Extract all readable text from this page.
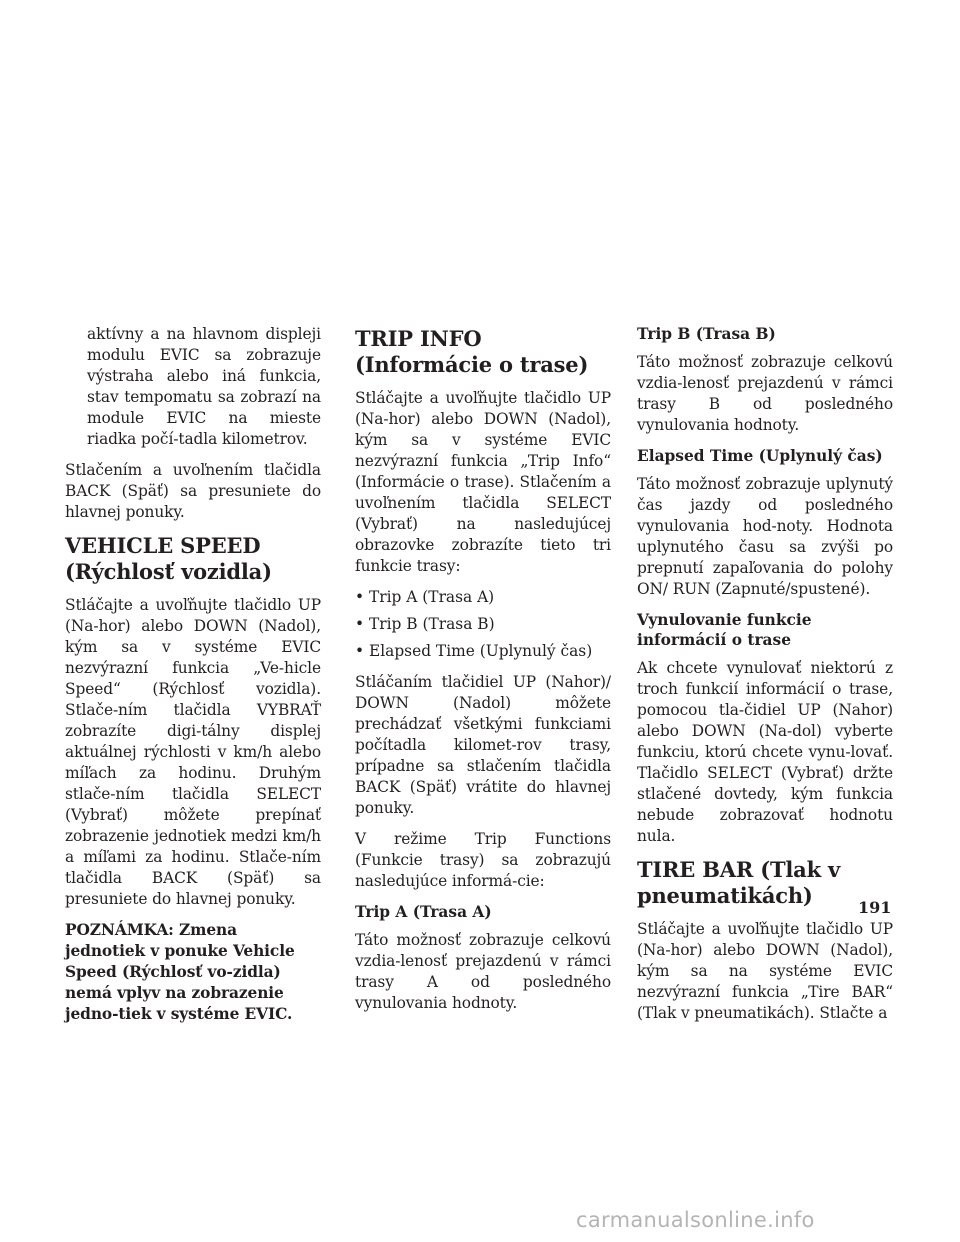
aktívny a na hlavnom displeji modulu EVIC sa zobrazuje výstraha alebo iná funkcia, stav tempomatu sa zobrazí na module EVIC na mieste riadka počí-tadla kilometrov.

Stlačením a uvoľnením tlačidla BACK (Späť) sa presuniete do hlavnej ponuky.

VEHICLE SPEED (Rýchlosť vozidla)

Stláčajte a uvoľňujte tlačidlo UP (Na-hor) alebo DOWN (Nadol), kým sa v systéme EVIC nezvýrazní funkcia „Ve-hicle Speed“ (Rýchlosť vozidla). Stlače-ním tlačidla VYBRAŤ zobrazíte digi-tálny displej aktuálnej rýchlosti v km/h alebo míľach za hodinu. Druhým stlače-ním tlačidla SELECT (Vybrať) môžete prepínať zobrazenie jednotiek medzi km/h a míľami za hodinu. Stlače-ním tlačidla BACK (Späť) sa presuniete do hlavnej ponuky.

POZNÁMKA: Zmena jednotiek v ponuke Vehicle Speed (Rýchlosť vo-zidla) nemá vplyv na zobrazenie jedno-tiek v systéme EVIC.

TRIP INFO (Informácie o trase)

Stláčajte a uvoľňujte tlačidlo UP (Na-hor) alebo DOWN (Nadol), kým sa v systéme EVIC nezvýrazní funkcia „Trip Info“ (Informácie o trase). Stlačením a uvoľnením tlačidla SELECT (Vybrať) na nasledujúcej obrazovke zobrazíte tieto tri funkcie trasy:

• Trip A (Trasa A)
• Trip B (Trasa B)
• Elapsed Time (Uplynulý čas)

Stláčaním tlačidiel UP (Nahor)/ DOWN (Nadol) môžete prechádzať všetkými funkciami počítadla kilomet-rov trasy, prípadne sa stlačením tlačidla BACK (Späť) vrátite do hlavnej ponuky.

V režime Trip Functions (Funkcie trasy) sa zobrazujú nasledujúce informá-cie:

Trip A (Trasa A)

Táto možnosť zobrazuje celkovú vzdia-lenosť prejazdenú v rámci trasy A od posledného vynulovania hodnoty.

Trip B (Trasa B)

Táto možnosť zobrazuje celkovú vzdia-lenosť prejazdenú v rámci trasy B od posledného vynulovania hodnoty.

Elapsed Time (Uplynulý čas)

Táto možnosť zobrazuje uplynutý čas jazdy od posledného vynulovania hod-noty. Hodnota uplynutého času sa zvýši po prepnutí zapaľovania do polohy ON/ RUN (Zapnuté/spustené).

Vynulovanie funkcie informácií o trase

Ak chcete vynulovať niektorú z troch funkcií informácií o trase, pomocou tla-čidiel UP (Nahor) alebo DOWN (Na-dol) vyberte funkciu, ktorú chcete vynu-lovať. Tlačidlo SELECT (Vybrať) držte stlačené dovtedy, kým funkcia nebude zobrazovať hodnotu nula.

TIRE BAR (Tlak v pneumatikách)

Stláčajte a uvoľňujte tlačidlo UP (Na-hor) alebo DOWN (Nadol), kým sa na systéme EVIC nezvýrazní funkcia „Tire BAR“ (Tlak v pneumatikách). Stlačte a

191
carmanualsonline.info
